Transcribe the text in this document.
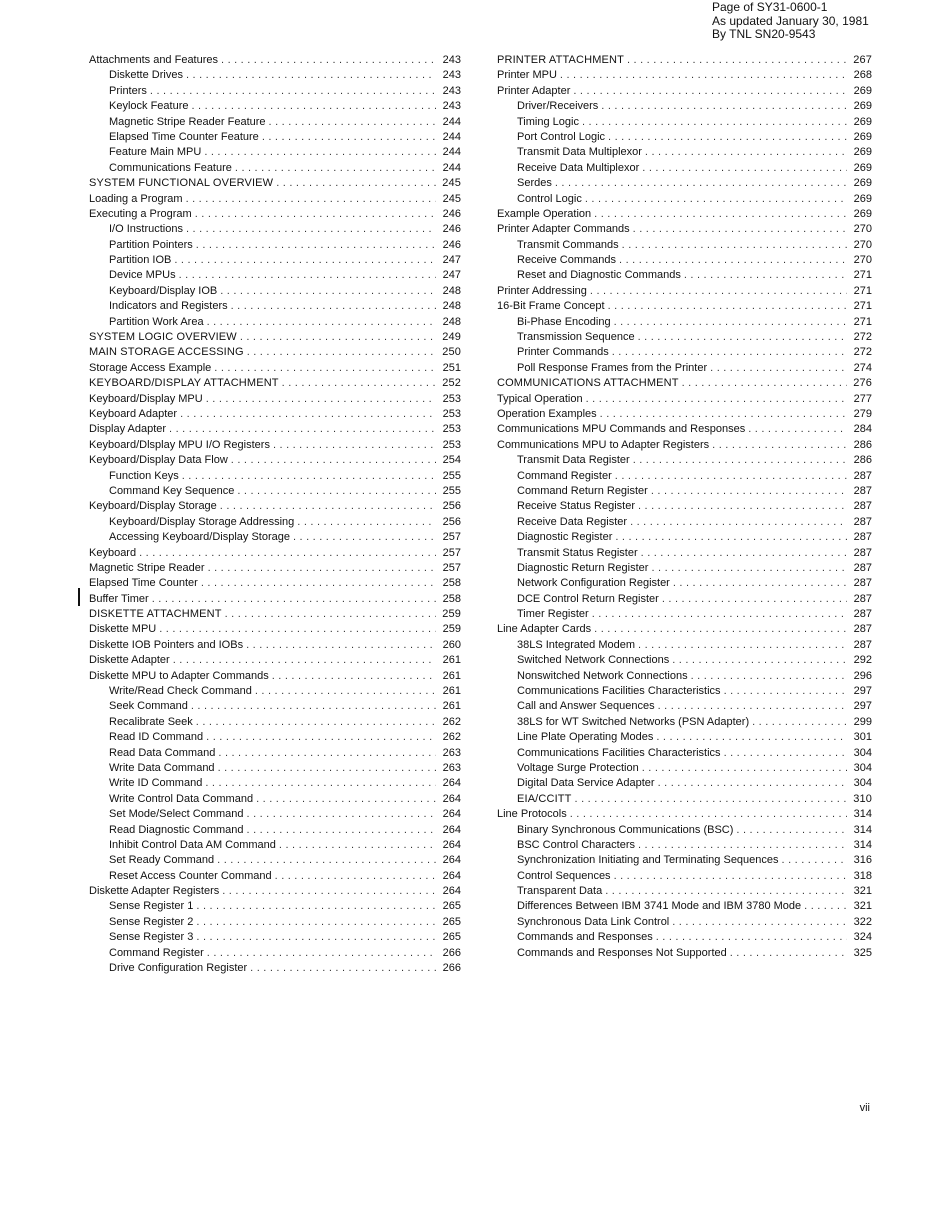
Page of SY31-0600-1
As updated January 30, 1981
By TNL SN20-9543
Attachments and Features .....	243
Diskette Drives .....	243
Printers .....	243
Keylock Feature .....	243
Magnetic Stripe Reader Feature .....	244
Elapsed Time Counter Feature .....	244
Feature Main MPU .....	244
Communications Feature .....	244
SYSTEM FUNCTIONAL OVERVIEW .....	245
Loading a Program .....	245
Executing a Program .....	246
I/O Instructions .....	246
Partition Pointers .....	246
Partition IOB .....	247
Device MPUs .....	247
Keyboard/Display IOB .....	248
Indicators and Registers .....	248
Partition Work Area .....	248
SYSTEM LOGIC OVERVIEW .....	249
MAIN STORAGE ACCESSING .....	250
Storage Access Example .....	251
KEYBOARD/DISPLAY ATTACHMENT .....	252
Keyboard/Display MPU .....	253
Keyboard Adapter .....	253
Display Adapter .....	253
Keyboard/Dlsplay MPU I/O Registers .....	253
Keyboard/Display Data Flow .....	254
Function Keys .....	255
Command Key Sequence .....	255
Keyboard/Display Storage .....	256
Keyboard/Display Storage Addressing .....	256
Accessing Keyboard/Display Storage .....	257
Keyboard .....	257
Magnetic Stripe Reader .....	257
Elapsed Time Counter .....	258
Buffer Timer .....	258
DISKETTE ATTACHMENT .....	259
Diskette MPU .....	259
Diskette IOB Pointers and IOBs .....	260
Diskette Adapter .....	261
Diskette MPU to Adapter Commands .....	261
Write/Read Check Command .....	261
Seek Command .....	261
Recalibrate Seek .....	262
Read ID Command .....	262
Read Data Command .....	263
Write Data Command .....	263
Write ID Command .....	264
Write Control Data Command .....	264
Set Mode/Select Command .....	264
Read Diagnostic Command .....	264
Inhibit Control Data AM Command .....	264
Set Ready Command .....	264
Reset Access Counter Command .....	264
Diskette Adapter Registers .....	264
Sense Register 1 .....	265
Sense Register 2 .....	265
Sense Register 3 .....	265
Command Register .....	266
Drive Configuration Register .....	266
PRINTER ATTACHMENT .....	267
Printer MPU .....	268
Printer Adapter .....	269
Driver/Receivers .....	269
Timing Logic .....	269
Port Control Logic .....	269
Transmit Data Multiplexor .....	269
Receive Data Multiplexor .....	269
Serdes .....	269
Control Logic .....	269
Example Operation .....	269
Printer Adapter Commands .....	270
Transmit Commands .....	270
Receive Commands .....	270
Reset and Diagnostic Commands .....	271
Printer Addressing .....	271
16-Bit Frame Concept .....	271
Bi-Phase Encoding .....	271
Transmission Sequence .....	272
Printer Commands .....	272
Poll Response Frames from the Printer .....	274
COMMUNICATIONS ATTACHMENT .....	276
Typical Operation .....	277
Operation Examples .....	279
Communications MPU Commands and Responses .....	284
Communications MPU to Adapter Registers .....	286
Transmit Data Register .....	286
Command Register .....	287
Command Return Register .....	287
Receive Status Register .....	287
Receive Data Register .....	287
Diagnostic Register .....	287
Transmit Status Register .....	287
Diagnostic Return Register .....	287
Network Configuration Register .....	287
DCE Control Return Register .....	287
Timer Register .....	287
Line Adapter Cards .....	287
38LS Integrated Modem .....	287
Switched Network Connections .....	292
Nonswitched Network Connections .....	296
Communications Facilities Characteristics .....	297
Call and Answer Sequences .....	297
38LS for WT Switched Networks (PSN Adapter) .....	299
Line Plate Operating Modes .....	301
Communications Facilities Characteristics .....	304
Voltage Surge Protection .....	304
Digital Data Service Adapter .....	304
EIA/CCITT .....	310
Line Protocols .....	314
Binary Synchronous Communications (BSC) .....	314
BSC Control Characters .....	314
Synchronization Initiating and Terminating Sequences .....	316
Control Sequences .....	318
Transparent Data .....	321
Differences Between IBM 3741 Mode and IBM 3780 Mode .....	321
Synchronous Data Link Control .....	322
Commands and Responses .....	324
Commands and Responses Not Supported .....	325
vii
